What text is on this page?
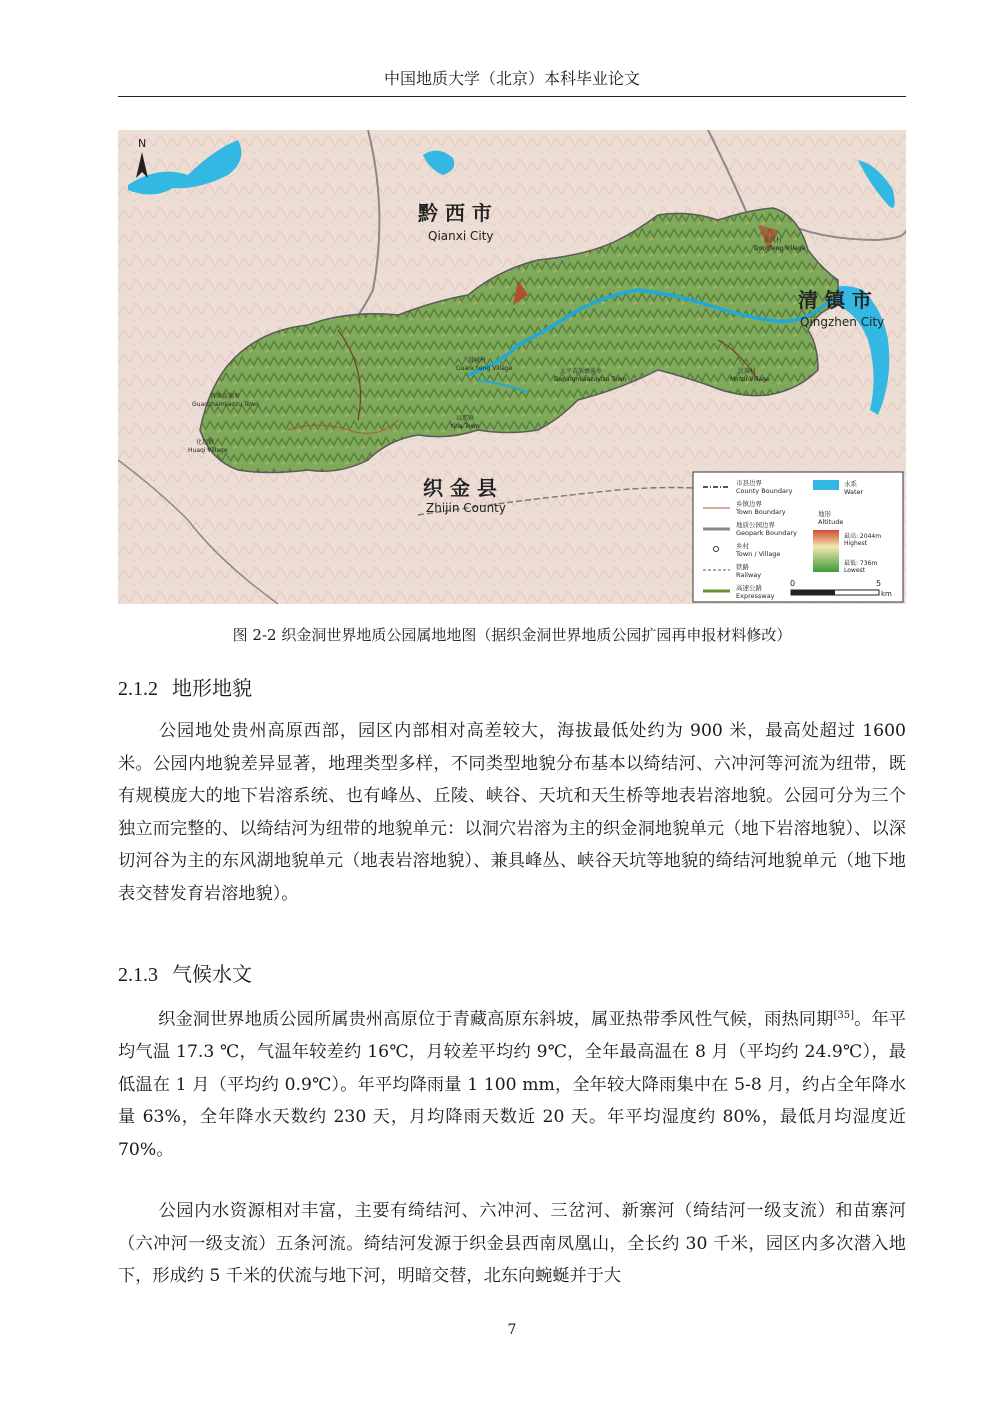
中国地质大学（北京）本科毕业论文
N
黔 西 市
Qianxi City
清 镇 市
Qingzhen City
织 金 县
Zhijin County
贯城村
Guancheng Village	大平苗族彝族乡
Dapingmiaozuyizu Town
官寨苗族乡
Guanzhaimiaozu Town
以那镇
Yina Town
化起镇
Huaqi Village
东风村
Dongfeng Village
民族村
Minzu Village
市县边界
County Boundary
乡镇边界
Town Boundary
地质公园边界
Geopark Boundary
乡村
Town / Village
铁路
Railway
高速公路
Expressway
水系
Water
地形
Altitude
最高: 2044m
Highest
最低: 736m
Lowest
0	5
km
图 2-2 织金洞世界地质公园属地地图（据织金洞世界地质公园扩园再申报材料修改）
2.1.2 地形地貌
公园地处贵州高原西部，园区内部相对高差较大，海拔最低处约为 900 米，最高处超过 1600 米。公园内地貌差异显著，地理类型多样，不同类型地貌分布基本以绮结河、六冲河等河流为纽带，既有规模庞大的地下岩溶系统、也有峰丛、丘陵、峡谷、天坑和天生桥等地表岩溶地貌。公园可分为三个独立而完整的、以绮结河为纽带的地貌单元：以洞穴岩溶为主的织金洞地貌单元（地下岩溶地貌）、以深切河谷为主的东风湖地貌单元（地表岩溶地貌）、兼具峰丛、峡谷天坑等地貌的绮结河地貌单元（地下地表交替发育岩溶地貌）。
2.1.3 气候水文
织金洞世界地质公园所属贵州高原位于青藏高原东斜坡，属亚热带季风性气候，雨热同期[35]。年平均气温 17.3 ℃，气温年较差约 16℃，月较差平均约 9℃，全年最高温在 8 月（平均约 24.9℃），最低温在 1 月（平均约 0.9℃）。年平均降雨量 1 100 mm，全年较大降雨集中在 5-8 月，约占全年降水量 63%，全年降水天数约 230 天，月均降雨天数近 20 天。年平均湿度约 80%，最低月均湿度近 70%。
公园内水资源相对丰富，主要有绮结河、六冲河、三岔河、新寨河（绮结河一级支流）和苗寨河（六冲河一级支流）五条河流。绮结河发源于织金县西南凤凰山，全长约 30 千米，园区内多次潜入地下，形成约 5 千米的伏流与地下河，明暗交替，北东向蜿蜒并于大
7
